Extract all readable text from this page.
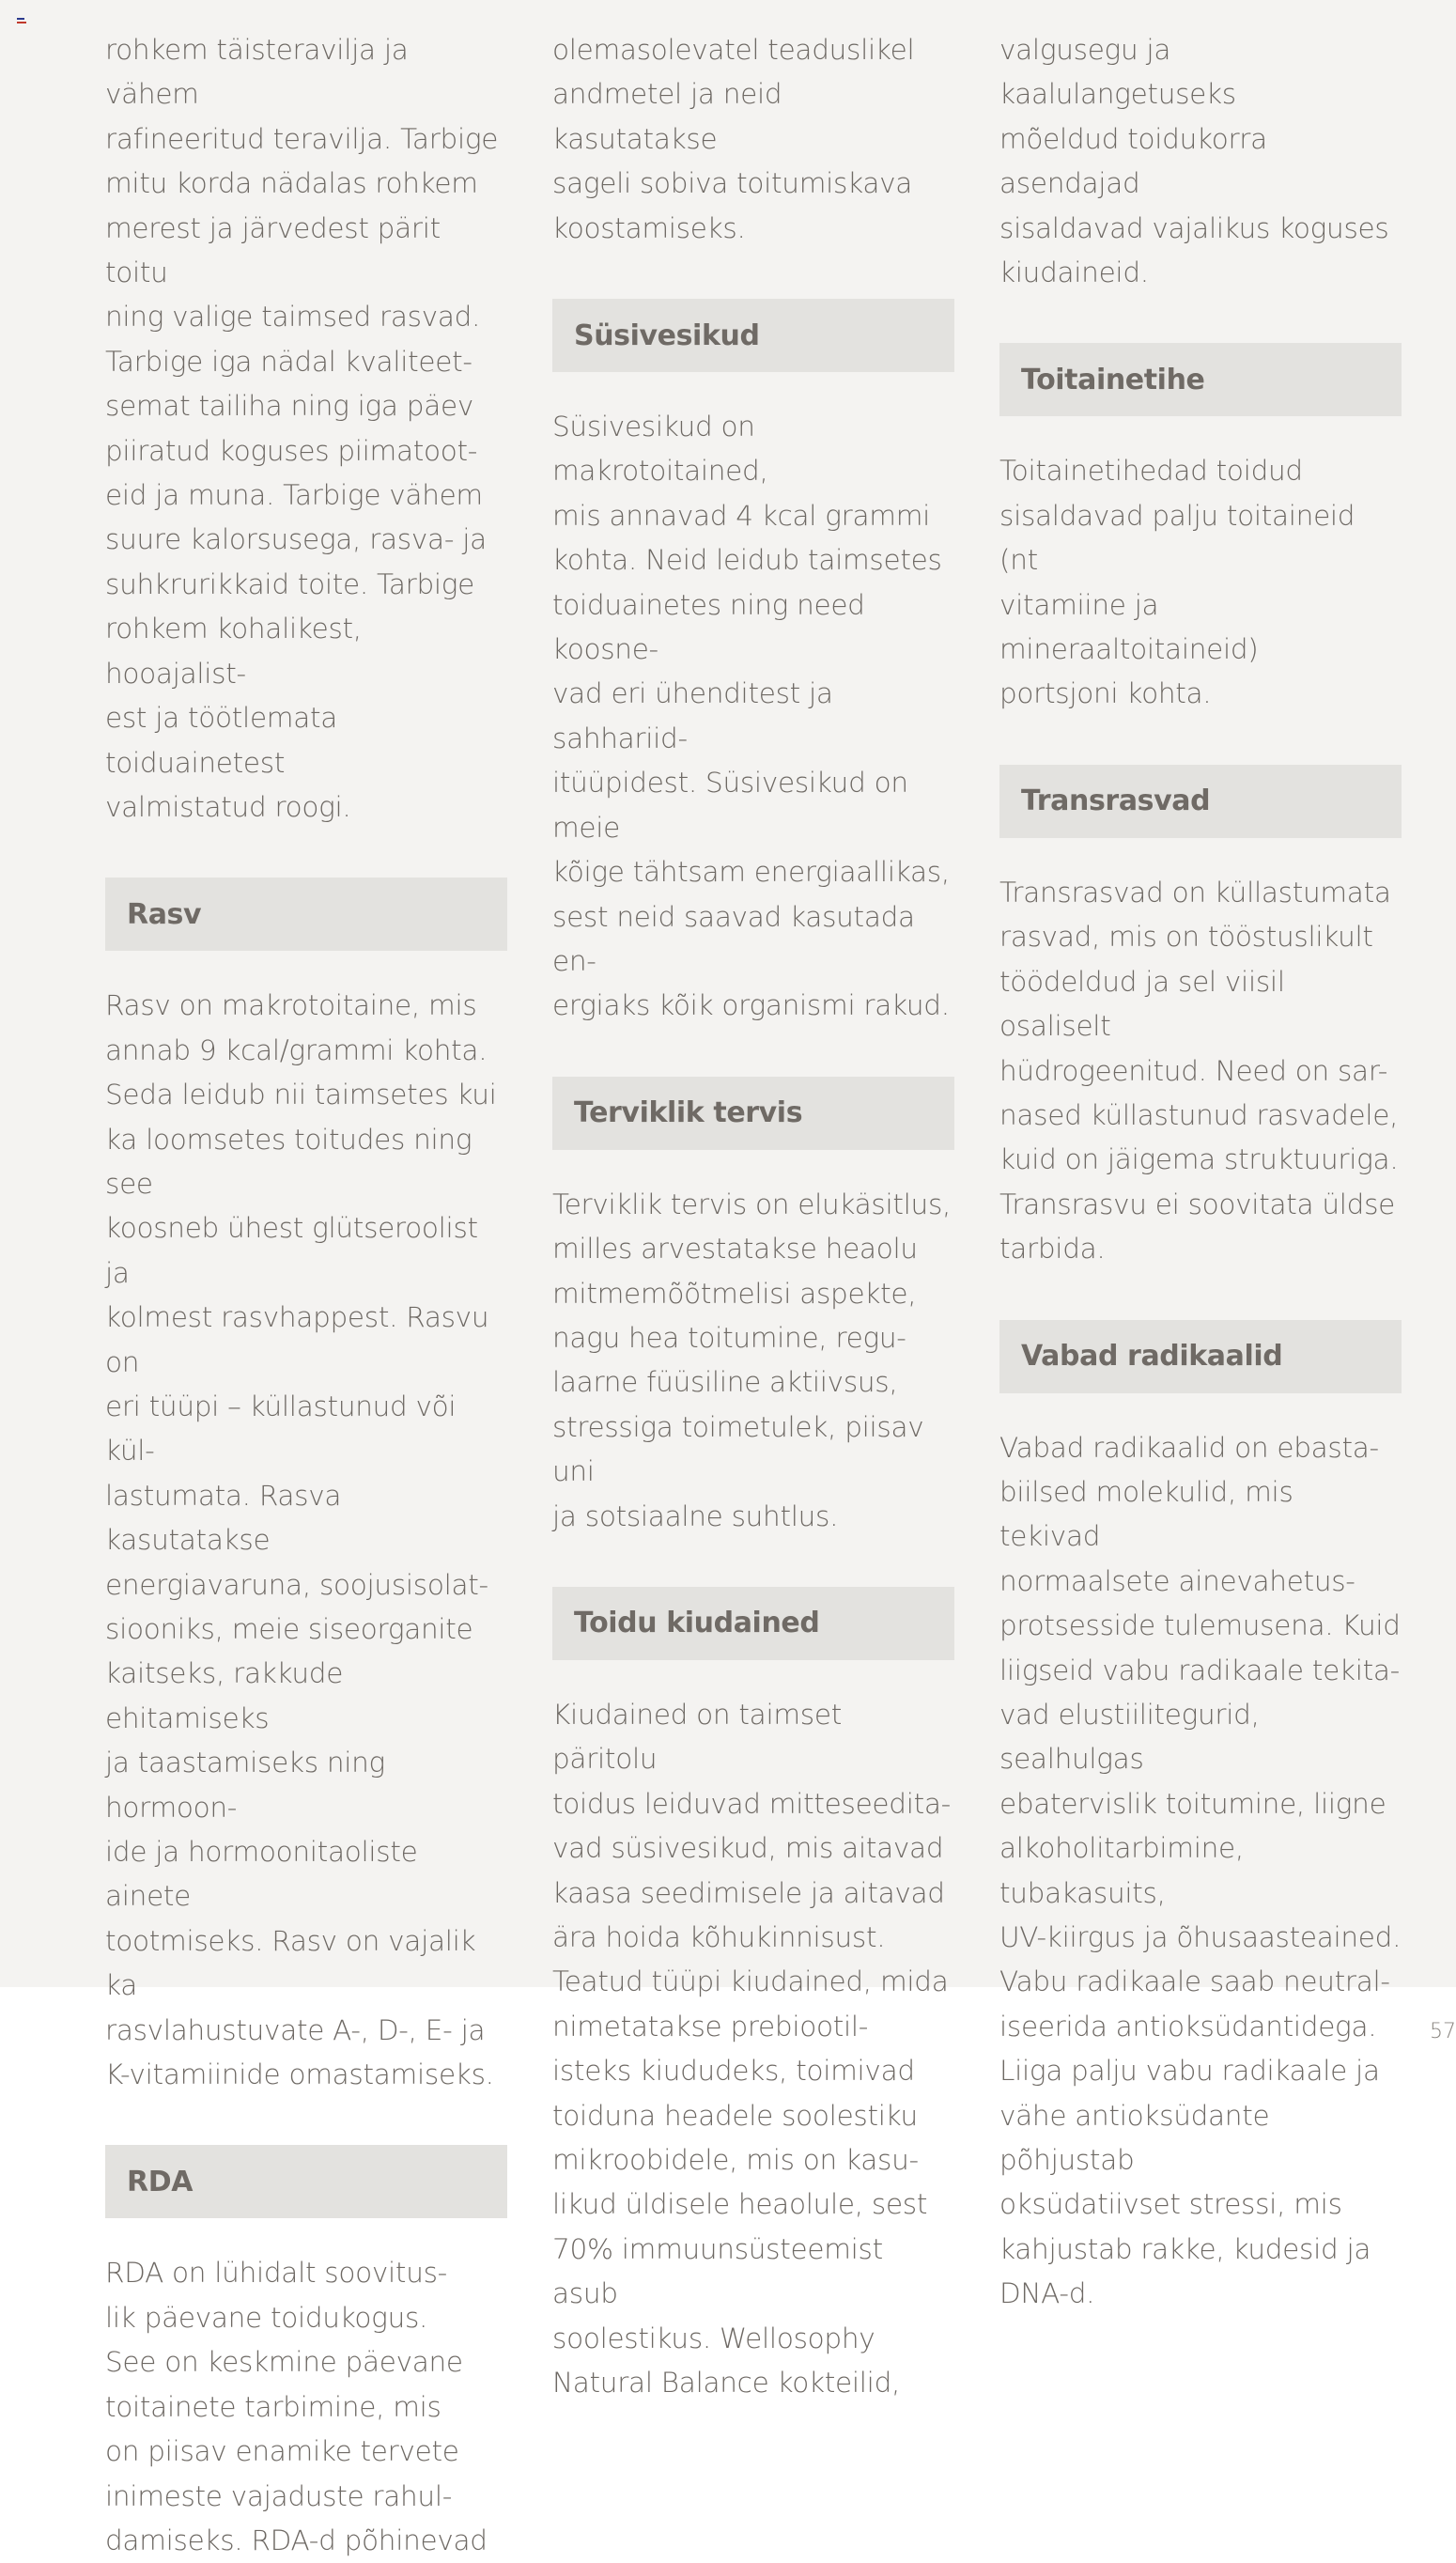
rohkem täisteravilja ja vähem
rafineeritud teravilja. Tarbige
mitu korda nädalas rohkem
merest ja järvedest pärit toitu
ning valige taimsed rasvad.
Tarbige iga nädal kvaliteet-
semat tailiha ning iga päev
piiratud koguses piimatoot-
eid ja muna. Tarbige vähem
suure kalorsusega, rasva- ja
suhkrurikkaid toite. Tarbige
rohkem kohalikest, hooajalist-
est ja töötlemata toiduainetest
valmistatud roogi.

Rasv

Rasv on makrotoitaine, mis
annab 9 kcal/grammi kohta.
Seda leidub nii taimsetes kui
ka loomsetes toitudes ning see
koosneb ühest glütseroolist ja
kolmest rasvhappest. Rasvu on
eri tüüpi – küllastunud või kül-
lastumata. Rasva kasutatakse
energiavaruna, soojusisolat-
siooniks, meie siseorganite
kaitseks, rakkude ehitamiseks
ja taastamiseks ning hormoon-
ide ja hormoonitaoliste ainete
tootmiseks. Rasv on vajalik ka
rasvlahustuvate A-, D-, E- ja
K-vitamiinide omastamiseks.

RDA

RDA on lühidalt soovitus-
lik päevane toidukogus.
See on keskmine päevane
toitainete tarbimine, mis
on piisav enamike tervete
inimeste vajaduste rahul-
damiseks. RDA-d põhinevad

olemasolevatel teaduslikel
andmetel ja neid kasutatakse
sageli sobiva toitumiskava
koostamiseks.

Süsivesikud

Süsivesikud on makrotoitained,
mis annavad 4 kcal grammi
kohta. Neid leidub taimsetes
toiduainetes ning need koosne-
vad eri ühenditest ja sahhariid-
itüüpidest. Süsivesikud on meie
kõige tähtsam energiaallikas,
sest neid saavad kasutada en-
ergiaks kõik organismi rakud.

Terviklik tervis

Terviklik tervis on elukäsitlus,
milles arvestatakse heaolu
mitmemõõtmelisi aspekte,
nagu hea toitumine, regu-
laarne füüsiline aktiivsus,
stressiga toimetulek, piisav uni
ja sotsiaalne suhtlus.

Toidu kiudained

Kiudained on taimset päritolu
toidus leiduvad mitteseedita-
vad süsivesikud, mis aitavad
kaasa seedimisele ja aitavad
ära hoida kõhukinnisust.
Teatud tüüpi kiudained, mida
nimetatakse prebiootil-
isteks kiududeks, toimivad
toiduna headele soolestiku
mikroobidele, mis on kasu-
likud üldisele heaolule, sest
70% immuunsüsteemist asub
soolestikus. Wellosophy
Natural Balance kokteilid,

valgusegu ja kaalulangetuseks
mõeldud toidukorra asendajad
sisaldavad vajalikus koguses
kiudaineid.

Toitainetihe

Toitainetihedad toidud
sisaldavad palju toitaineid (nt
vitamiine ja mineraaltoitaineid)
portsjoni kohta.

Transrasvad

Transrasvad on küllastumata
rasvad, mis on tööstuslikult
töödeldud ja sel viisil osaliselt
hüdrogeenitud. Need on sar-
nased küllastunud rasvadele,
kuid on jäigema struktuuriga.
Transrasvu ei soovitata üldse
tarbida.

Vabad radikaalid

Vabad radikaalid on ebasta-
biilsed molekulid, mis tekivad
normaalsete ainevahetus-
protsesside tulemusena. Kuid
liigseid vabu radikaale tekita-
vad elustiilitegurid, sealhulgas
ebatervislik toitumine, liigne
alkoholitarbimine, tubakasuits,
UV-kiirgus ja õhusaasteained.
Vabu radikaale saab neutral-
iseerida antioksüdantidega.
Liiga palju vabu radikaale ja
vähe antioksüdante põhjustab
oksüdatiivset stressi, mis
kahjustab rakke, kudesid ja
DNA-d.

57
